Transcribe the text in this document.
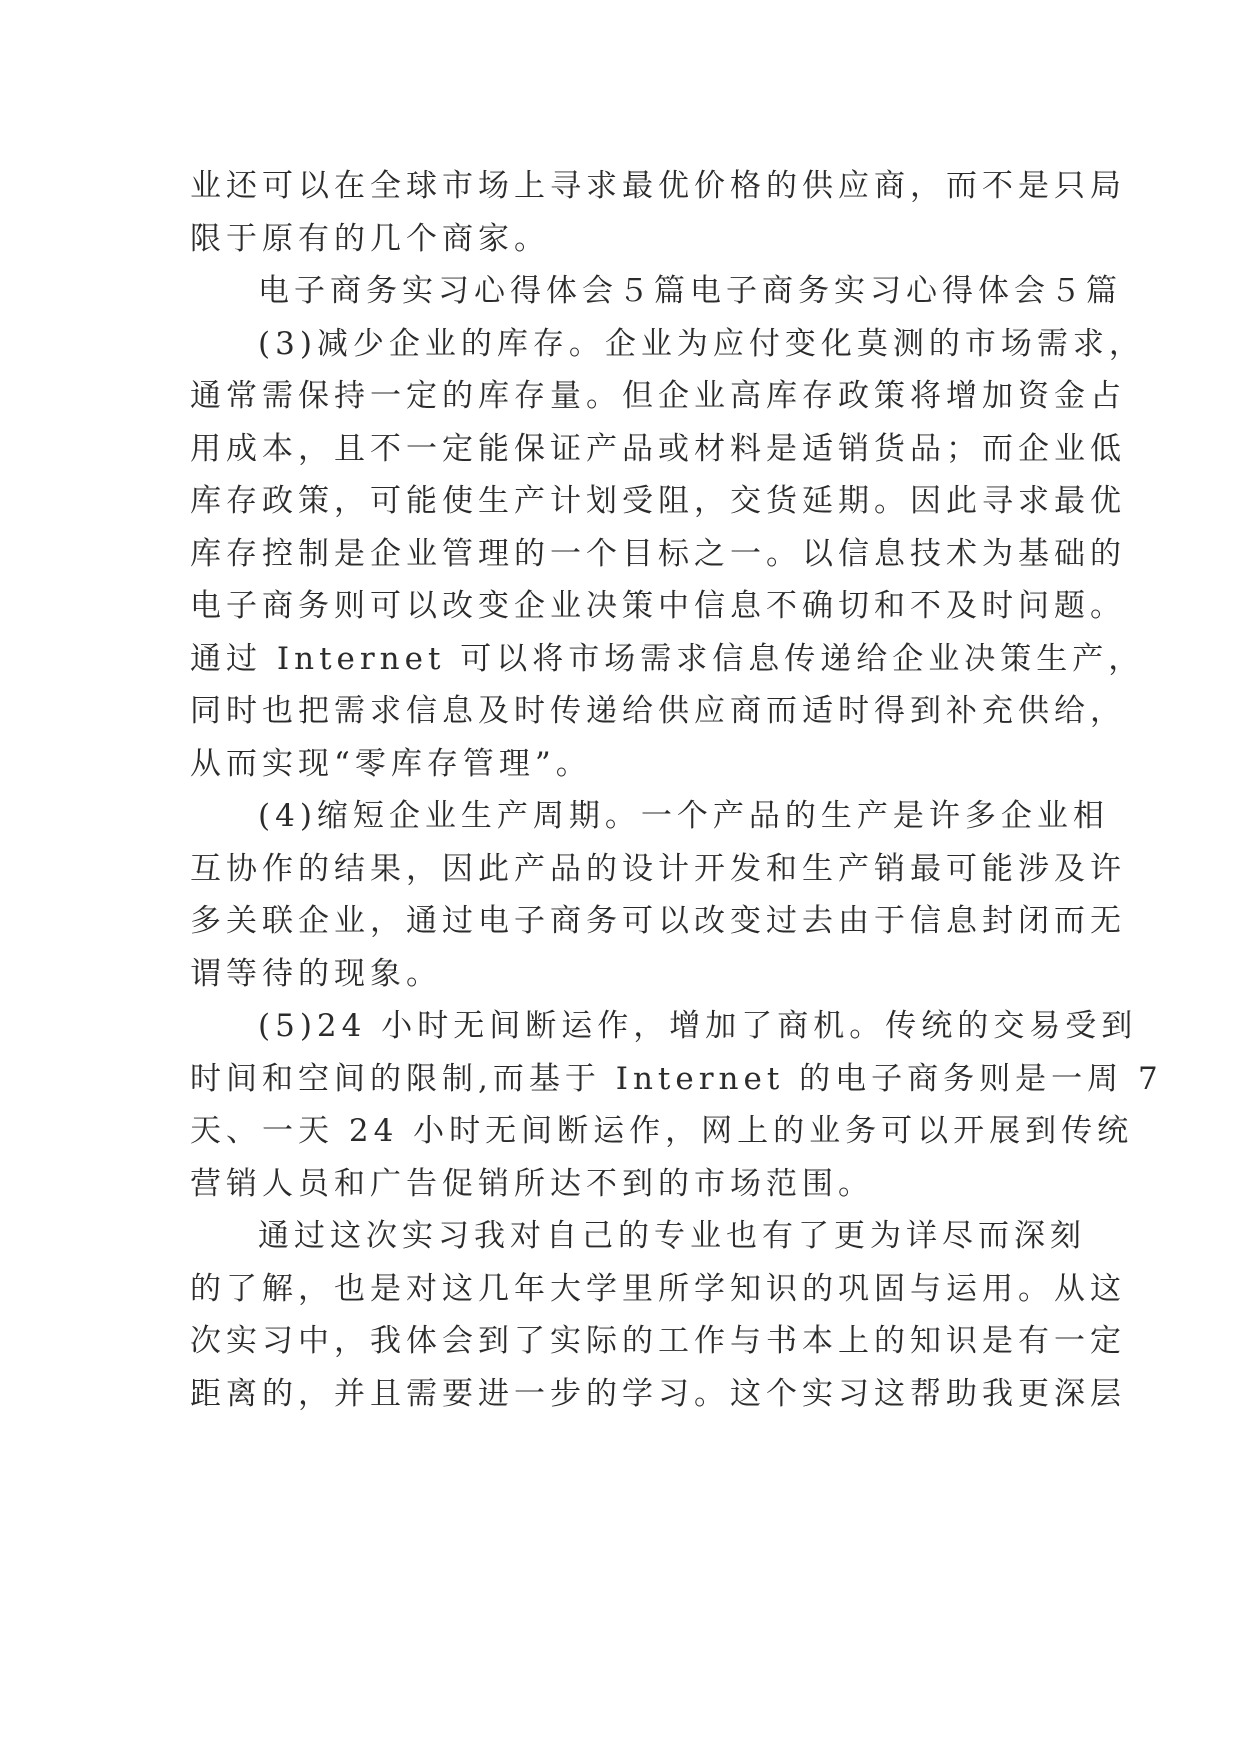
业还可以在全球市场上寻求最优价格的供应商，而不是只局
限于原有的几个商家。
电子商务实习心得体会５篇电子商务实习心得体会５篇
(3)减少企业的库存。企业为应付变化莫测的市场需求，
通常需保持一定的库存量。但企业高库存政策将增加资金占
用成本，且不一定能保证产品或材料是适销货品；而企业低
库存政策，可能使生产计划受阻，交货延期。因此寻求最优
库存控制是企业管理的一个目标之一。以信息技术为基础的
电子商务则可以改变企业决策中信息不确切和不及时问题。
通过 Internet 可以将市场需求信息传递给企业决策生产，
同时也把需求信息及时传递给供应商而适时得到补充供给，
从而实现“零库存管理”。
(4)缩短企业生产周期。一个产品的生产是许多企业相
互协作的结果，因此产品的设计开发和生产销最可能涉及许
多关联企业，通过电子商务可以改变过去由于信息封闭而无
谓等待的现象。
(5)24 小时无间断运作，增加了商机。传统的交易受到
时间和空间的限制,而基于 Internet 的电子商务则是一周 7
天、一天 24 小时无间断运作，网上的业务可以开展到传统
营销人员和广告促销所达不到的市场范围。
通过这次实习我对自己的专业也有了更为详尽而深刻
的了解，也是对这几年大学里所学知识的巩固与运用。从这
次实习中，我体会到了实际的工作与书本上的知识是有一定
距离的，并且需要进一步的学习。这个实习这帮助我更深层
